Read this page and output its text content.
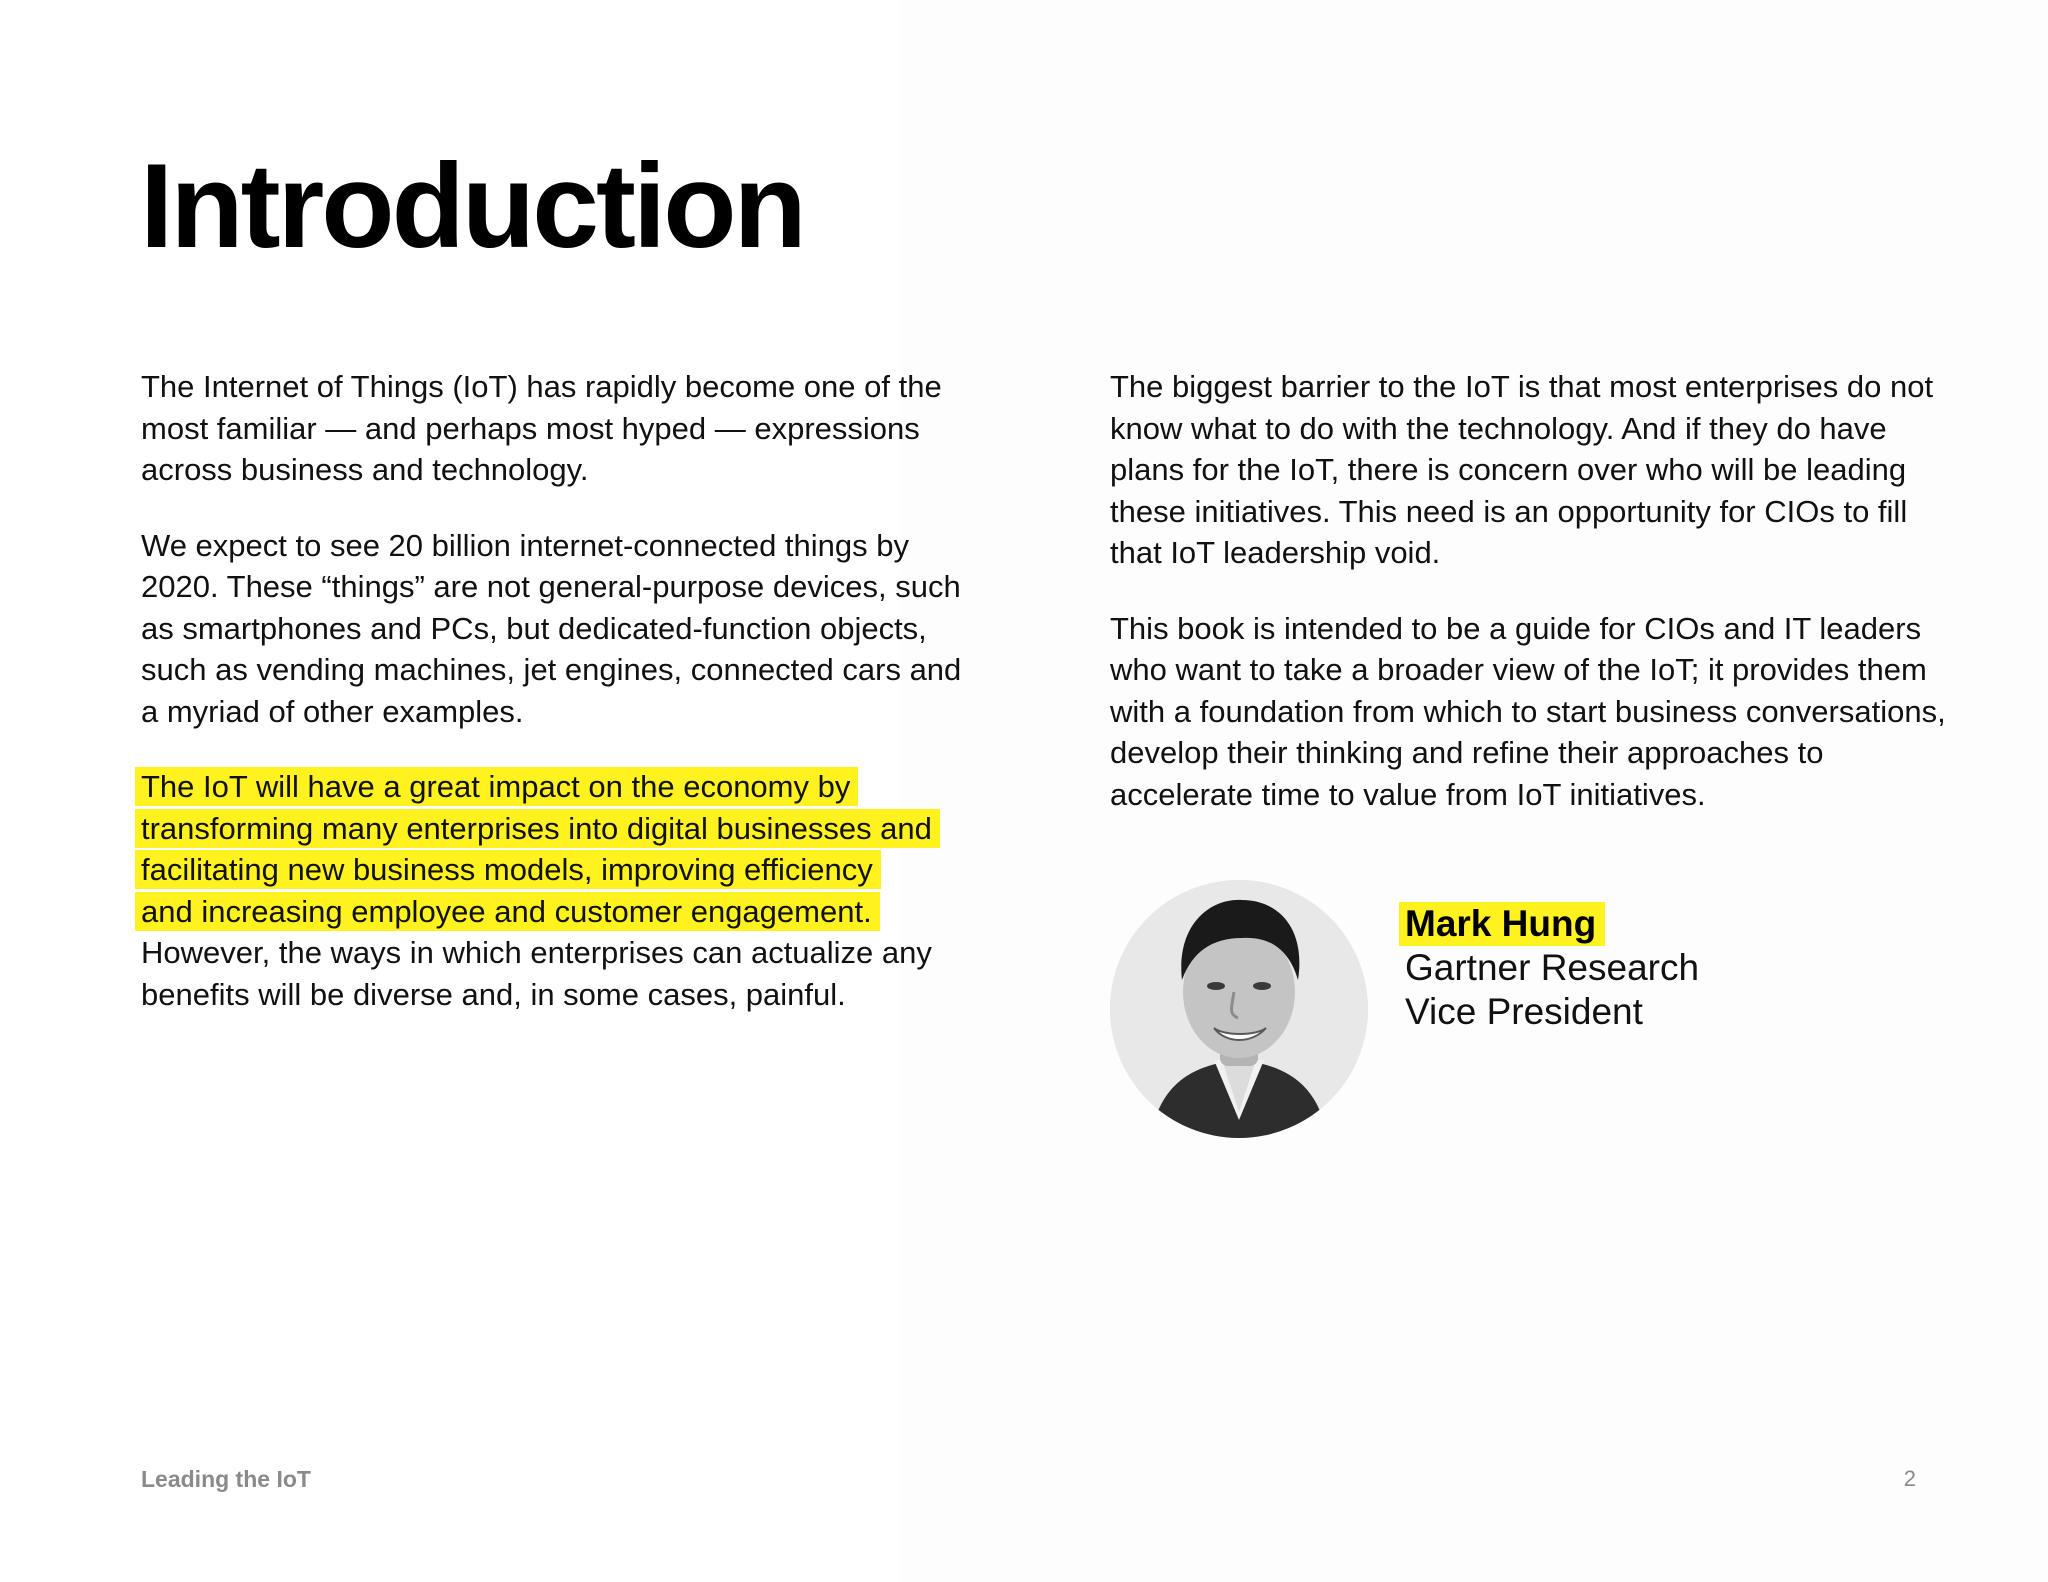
Introduction

The Internet of Things (IoT) has rapidly become one of the
most familiar — and perhaps most hyped — expressions
across business and technology.

We expect to see 20 billion internet-connected things by
2020. These “things” are not general-purpose devices, such
as smartphones and PCs, but dedicated-function objects,
such as vending machines, jet engines, connected cars and
a myriad of other examples.

The IoT will have a great impact on the economy by
transforming many enterprises into digital businesses and
facilitating new business models, improving efficiency
and increasing employee and customer engagement.
However, the ways in which enterprises can actualize any
benefits will be diverse and, in some cases, painful.

The biggest barrier to the IoT is that most enterprises do not
know what to do with the technology. And if they do have
plans for the IoT, there is concern over who will be leading
these initiatives. This need is an opportunity for CIOs to fill
that IoT leadership void.

This book is intended to be a guide for CIOs and IT leaders
who want to take a broader view of the IoT; it provides them
with a foundation from which to start business conversations,
develop their thinking and refine their approaches to
accelerate time to value from IoT initiatives.

Mark Hung
Gartner Research
Vice President
Leading the IoT	2
